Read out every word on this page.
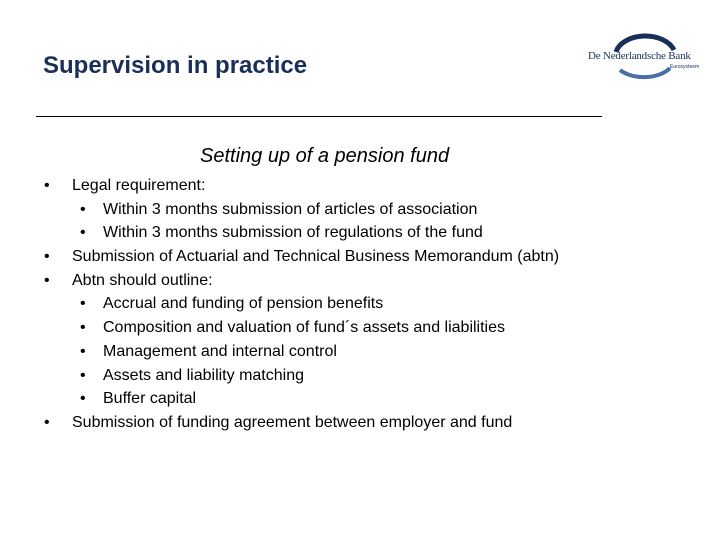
Supervision in practice	De Nederlandsche Bank
Eurosysteem
Setting up of a pension fund
• Legal requirement:
• Within 3 months submission of articles of association
• Within 3 months submission of regulations of the fund
• Submission of Actuarial and Technical Business Memorandum (abtn)
• Abtn should outline:
• Accrual and funding of pension benefits
• Composition and valuation of fund´s assets and liabilities
• Management and internal control
• Assets and liability matching
• Buffer capital
• Submission of funding agreement between employer and fund
